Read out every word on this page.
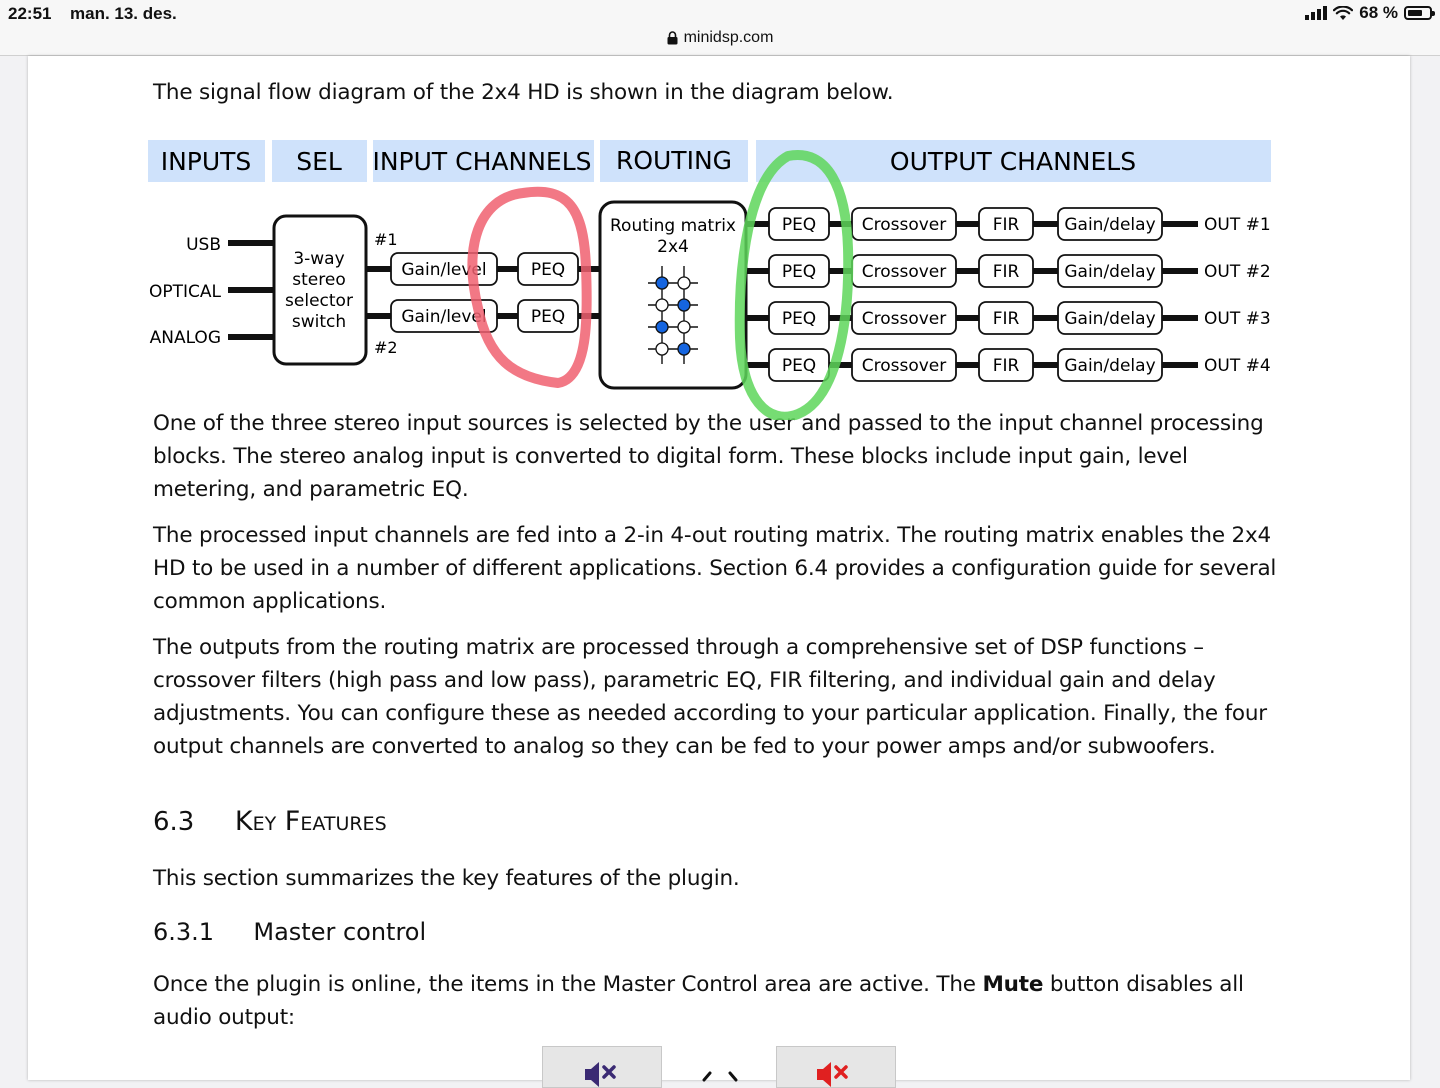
22:51 man. 13. des.	68 %
minidsp.com

The signal flow diagram of the 2x4 HD is shown in the diagram below.

One of the three stereo input sources is selected by the user and passed to the input channel processing blocks. The stereo analog input is converted to digital form. These blocks include input gain, level metering, and parametric EQ.

The processed input channels are fed into a 2-in 4-out routing matrix. The routing matrix enables the 2x4 HD to be used in a number of different applications. Section 6.4 provides a configuration guide for several common applications.

The outputs from the routing matrix are processed through a comprehensive set of DSP functions – crossover filters (high pass and low pass), parametric EQ, FIR filtering, and individual gain and delay adjustments. You can configure these as needed according to your particular application. Finally, the four output channels are converted to analog so they can be fed to your power amps and/or subwoofers.

6.3 Key Features

This section summarizes the key features of the plugin.

6.3.1 Master control

Once the plugin is online, the items in the Master Control area are active. The Mute button disables all audio output:

INPUTS SEL INPUT CHANNELS ROUTING	OUTPUT CHANNELS
USB
OPTICAL
ANALOG
3-way
stereo
selector
switch
#1
#2
Gain/level
Gain/level
PEQ
PEQ
Routing matrix
2x4
PEQ	Crossover	FIR	Gain/delay
PEQ	Crossover	FIR	Gain/delay
PEQ	Crossover	FIR	Gain/delay
PEQ	Crossover	FIR	Gain/delay
OUT #1
OUT #2
OUT #3
OUT #4
